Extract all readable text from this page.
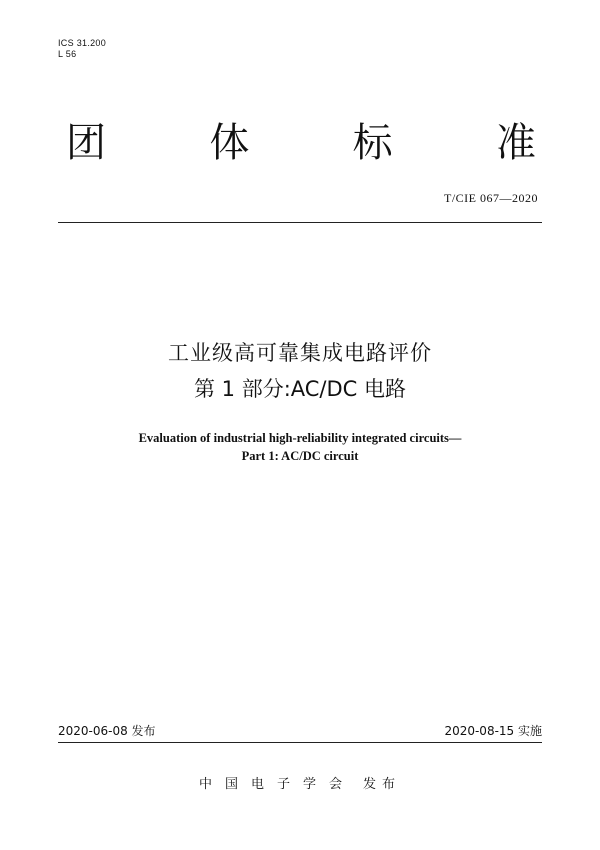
ICS 31.200
L 56
团	体	标	准
T/CIE 067—2020
工业级高可靠集成电路评价
第 1 部分:AC/DC 电路
Evaluation of industrial high-reliability integrated circuits—
Part 1: AC/DC circuit
2020-06-08 发布	2020-08-15 实施
中国电子学会 发布
